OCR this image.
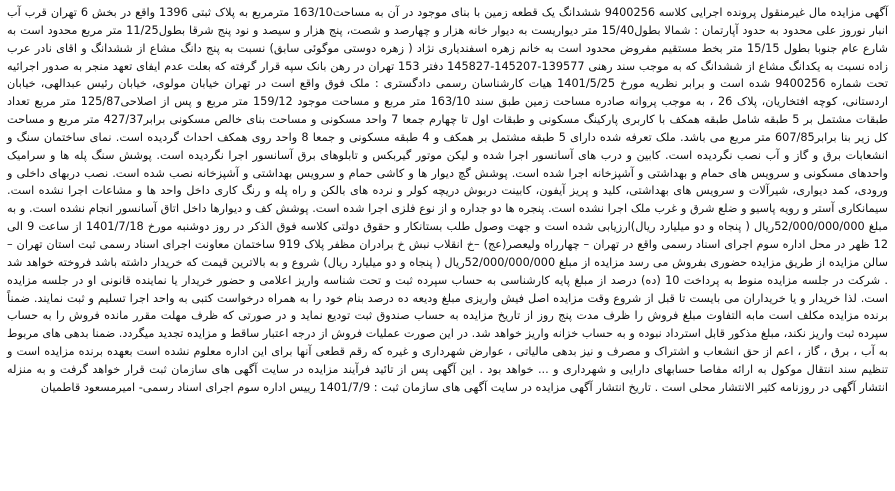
آگهی مزایده مال غیرمنقول پرونده اجرایی کلاسه 9400256 ششدانگ یک قطعه زمین با بنای موجود در آن به مساحت163/10 مترمربع به پلاک ثبتی 1396 واقع در بخش 6 تهران قرب آب انبار نوروز علی محدود به حدود آپارتمان : شمالا بطول15/40 متر دیواریست به دیوار خانه هزار و چهارصد و شصت، پنج هزار و سیصد و نود پنج شرقا بطول11/25 متر مربع محدود است به شارع عام جنوبا بطول 15/15 متر بخط مستقیم مفروض محدود است به خانم زهره اسفندیاری نژاد ( زهره دوستی موگوئی سابق) نسبت به پنج دانگ مشاع از ششدانگ و اقای نادر عرب زاده نسبت به یکدانگ مشاع از ششدانگ که به موجب سند رهنی 139577-145207-145827 دفتر 153 تهران در رهن بانک سپه قرار گرفته که بعلت عدم ایفای تعهد منجر به صدور اجرائیه تحت شماره 9400256 شده است و برابر نظریه مورخ 1401/5/25 هیات کارشناسان رسمی دادگستری : ملک فوق واقع است در تهران خیابان مولوی، خیابان رئیس عبدالهی، خیابان اردستانی، کوچه افتخاریان، پلاک 26 ، به موجب پروانه صادره مساحت زمین طبق سند 163/10 متر مربع و مساحت موجود 159/12 متر مربع و پس از اصلاحی125/87 متر مربع تعداد طبقات مشتمل بر 5 طبقه شامل طبقه همکف با کاربری پارکینگ مسکونی و طبقات اول تا چهارم جمعا 7 واحد مسکونی و مساحت بنای خالص مسکونی برابر427/37 متر مربع و مساحت کل زیر بنا برابر607/85 متر مربع می باشد. ملک تعرفه شده دارای 5 طبقه مشتمل بر همکف و 4 طبقه مسکونی و جمعا 8 واحد روی همکف احداث گردیده است. نمای ساختمان سنگ و انشعابات برق و گاز و آب نصب نگردیده است. کابین و درب های آسانسور اجرا شده و لیکن موتور گیربکس و تابلوهای برق آسانسور اجرا نگردیده است. پوشش سنگ پله ها و سرامیک واحدهای مسکونی و سرویس های حمام و بهداشتی و آشپزخانه اجرا شده است. پوشش گچ دیوار ها و کاشی حمام و سرویس بهداشتی و آشپزخانه نصب شده است. نصب دربهای داخلی و ورودی، کمد دیواری، شیرآلات و سرویس های بهداشتی، کلید و پریز آیفون، کابینت دربوش دریچه کولر و نرده های بالکن و راه پله و رنگ کاری داخل واحد ها و مشاعات اجرا نشده است. سیمانکاری آستر و رویه پاسیو و ضلع شرق و غرب ملک اجرا نشده است. پنجره ها دو جداره و از نوع فلزی اجرا شده است. پوشش کف و دیوارها داخل اتاق آسانسور انجام نشده است. و به مبلغ 52/000/000/000ریال ( پنجاه و دو میلیارد ریال)ارزیابی شده است و جهت وصول طلب بستانکار و حقوق دولتی کلاسه فوق الذکر در روز دوشنبه مورخ 1401/7/18 از ساعت 9 الی 12 ظهر در محل اداره سوم اجرای اسناد رسمی واقع در تهران – چهارراه ولیعصر(عج) –خ انقلاب نبش خ برادران مظفر پلاک 919 ساختمان معاونت اجرای اسناد رسمی ثبت استان تهران – سالن مزایده از طریق مزایده حضوری بفروش می رسد مزایده از مبلغ 52/000/000/000ریال ( پنجاه و دو میلیارد ریال) شروع و به بالاترین قیمت که خریدار داشته باشد فروخته خواهد شد . شرکت در جلسه مزایده منوط به پرداخت 10 (ده) درصد از مبلغ پایه کارشناسی به حساب سپرده ثبت و تحت شناسه واریز اعلامی و حضور خریدار یا نماینده قانونی او در جلسه مزایده است. لذا خریدار و یا خریداران می بایست تا قبل از شروع وقت مزایده اصل فیش واریزی مبلغ ودیعه ده درصد بنام خود را به همراه درخواست کتبی به واحد اجرا تسلیم و ثبت نمایند. ضمناً برنده مزایده مکلف است مابه التفاوت مبلغ فروش را ظرف مدت پنج روز از تاریخ مزایده به حساب صندوق ثبت تودیع نماید و در صورتی که ظرف مهلت مقرر مانده فروش را به حساب سپرده ثبت واریز نکند، مبلغ مذکور قابل استرداد نبوده و به حساب خزانه واریز خواهد شد. در این صورت عملیات فروش از درجه اعتبار ساقط و مزایده تجدید میگردد. ضمنا بدهی های مربوط به آب ، برق ، گاز ، اعم از حق انشعاب و اشتراک و مصرف و نیز بدهی مالیاتی ، عوارض شهرداری و غیره که رقم قطعی آنها برای این اداره معلوم نشده است بعهده برنده مزایده است و تنظیم سند انتقال موکول به ارائه مفاصا حسابهای دارایی و شهرداری و ... خواهد بود . این آگهی پس از تائید فرآیند مزایده در سایت آگهی های سازمان ثبت قرار خواهد گرفت و به منزله انتشار آگهی در روزنامه کثیر الانتشار محلی است . تاریخ انتشار آگهی مزایده در سایت آگهی های سازمان ثبت : 1401/7/9 رییس اداره سوم اجرای اسناد رسمی- امیرمسعود قاطمیان
